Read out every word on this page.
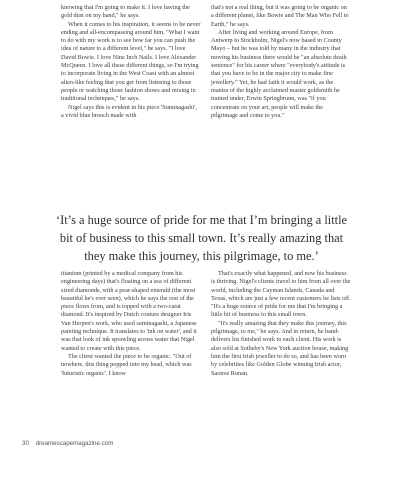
knowing that I'm going to make it. I love having the gold dust on my hand," he says.

When it comes to his inspiration, it seems to be never ending and all-encompassing around him. "What I want to do with my work is to see how far you can push the idea of nature to a different level," he says. "I love David Bowie. I love Nine Inch Nails. I love Alexander McQueen. I love all these different things, so I'm trying to incorporate living in the West Coast with an almost alien-like feeling that you get from listening to those people or watching those fashion shows and mixing in traditional techniques," he says.

Nigel says this is evident in his piece 'Suminagashi', a vivid blue brooch made with

that's not a real thing, but it was going to be organic on a different planet, like Bowie and The Man Who Fell to Earth," he says.

After living and working around Europe, from Antwerp to Stockholm, Nigel's now based in County Mayo – but he was told by many in the industry that moving his business there would be "an absolute death sentence" for his career where "everybody's attitude is that you have to be in the major city to make fine jewellery." Yet, he had faith it would work, as the mantra of the highly acclaimed master goldsmith he trained under, Erwin Springbrunn, was "if you concentrate on your art, people will make the pilgrimage and come to you."

‘It’s a huge source of pride for me that I’m bringing a little bit of business to this small town. It’s really amazing that they make this journey, this pilgrimage, to me.’

titanium (printed by a medical company from his engineering days) that's floating on a sea of different sized diamonds, with a pear-shaped emerald (the most beautiful he's ever seen), which he says the rest of the piece flows from, and is topped with a two-carat diamond. It's inspired by Dutch couture designer Iris Van Herpen's work, who used suminagashi, a Japanese painting technique. It translates to 'ink on water', and it was that look of ink sprawling across water that Nigel wanted to create with this piece.

The client wanted the piece to be organic. "Out of nowhere, this thing popped into my head, which was 'futuristic organic'. I know

That's exactly what happened, and now his business is thriving. Nigel's clients travel to him from all over the world, including the Cayman Islands, Canada and Texas, which are just a few recent customers he lists off. "It's a huge source of pride for me that I'm bringing a little bit of business to this small town.

"It's really amazing that they make this journey, this pilgrimage, to me," he says. And in return, he hand-delivers his finished work to each client. His work is also sold at Sotheby's New York auction house, making him the first Irish jeweller to do so, and has been worn by celebrities like Golden Globe winning Irish actor, Saoirse Ronan.

30 dreamescapemagazine.com
